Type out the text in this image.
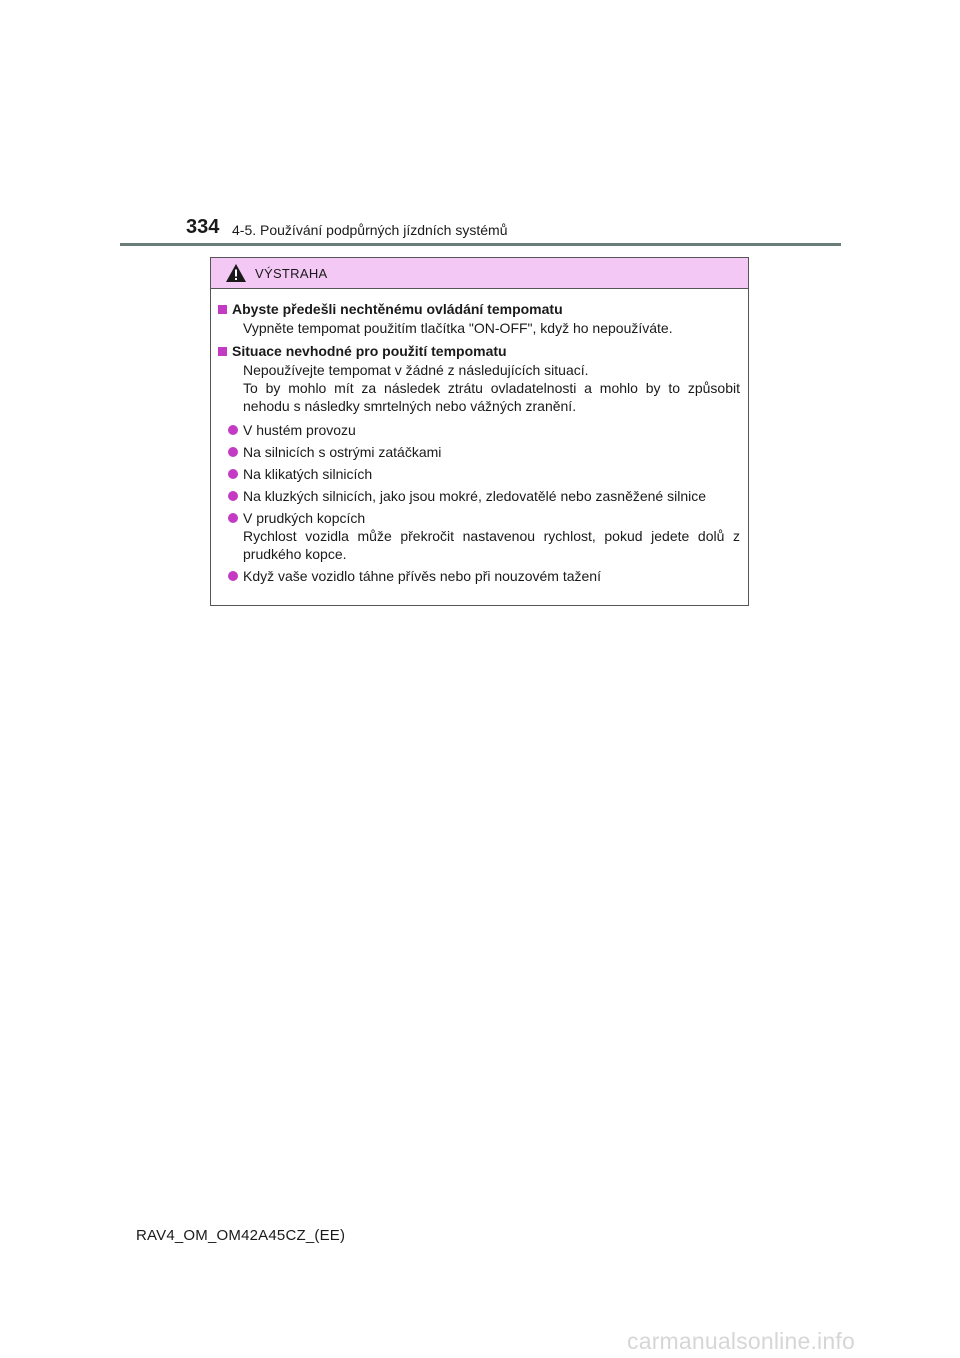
334 4-5. Používání podpůrných jízdních systémů
VÝSTRAHA
Abyste předešli nechtěnému ovládání tempomatu
Vypněte tempomat použitím tlačítka "ON-OFF", když ho nepoužíváte.
Situace nevhodné pro použití tempomatu
Nepoužívejte tempomat v žádné z následujících situací.
To by mohlo mít za následek ztrátu ovladatelnosti a mohlo by to způsobit nehodu s následky smrtelných nebo vážných zranění.
V hustém provozu
Na silnicích s ostrými zatáčkami
Na klikatých silnicích
Na kluzkých silnicích, jako jsou mokré, zledovatělé nebo zasněžené silnice
V prudkých kopcích
Rychlost vozidla může překročit nastavenou rychlost, pokud jedete dolů z prudkého kopce.
Když vaše vozidlo táhne přívěs nebo při nouzovém tažení
RAV4_OM_OM42A45CZ_(EE)
carmanualsonline.info
